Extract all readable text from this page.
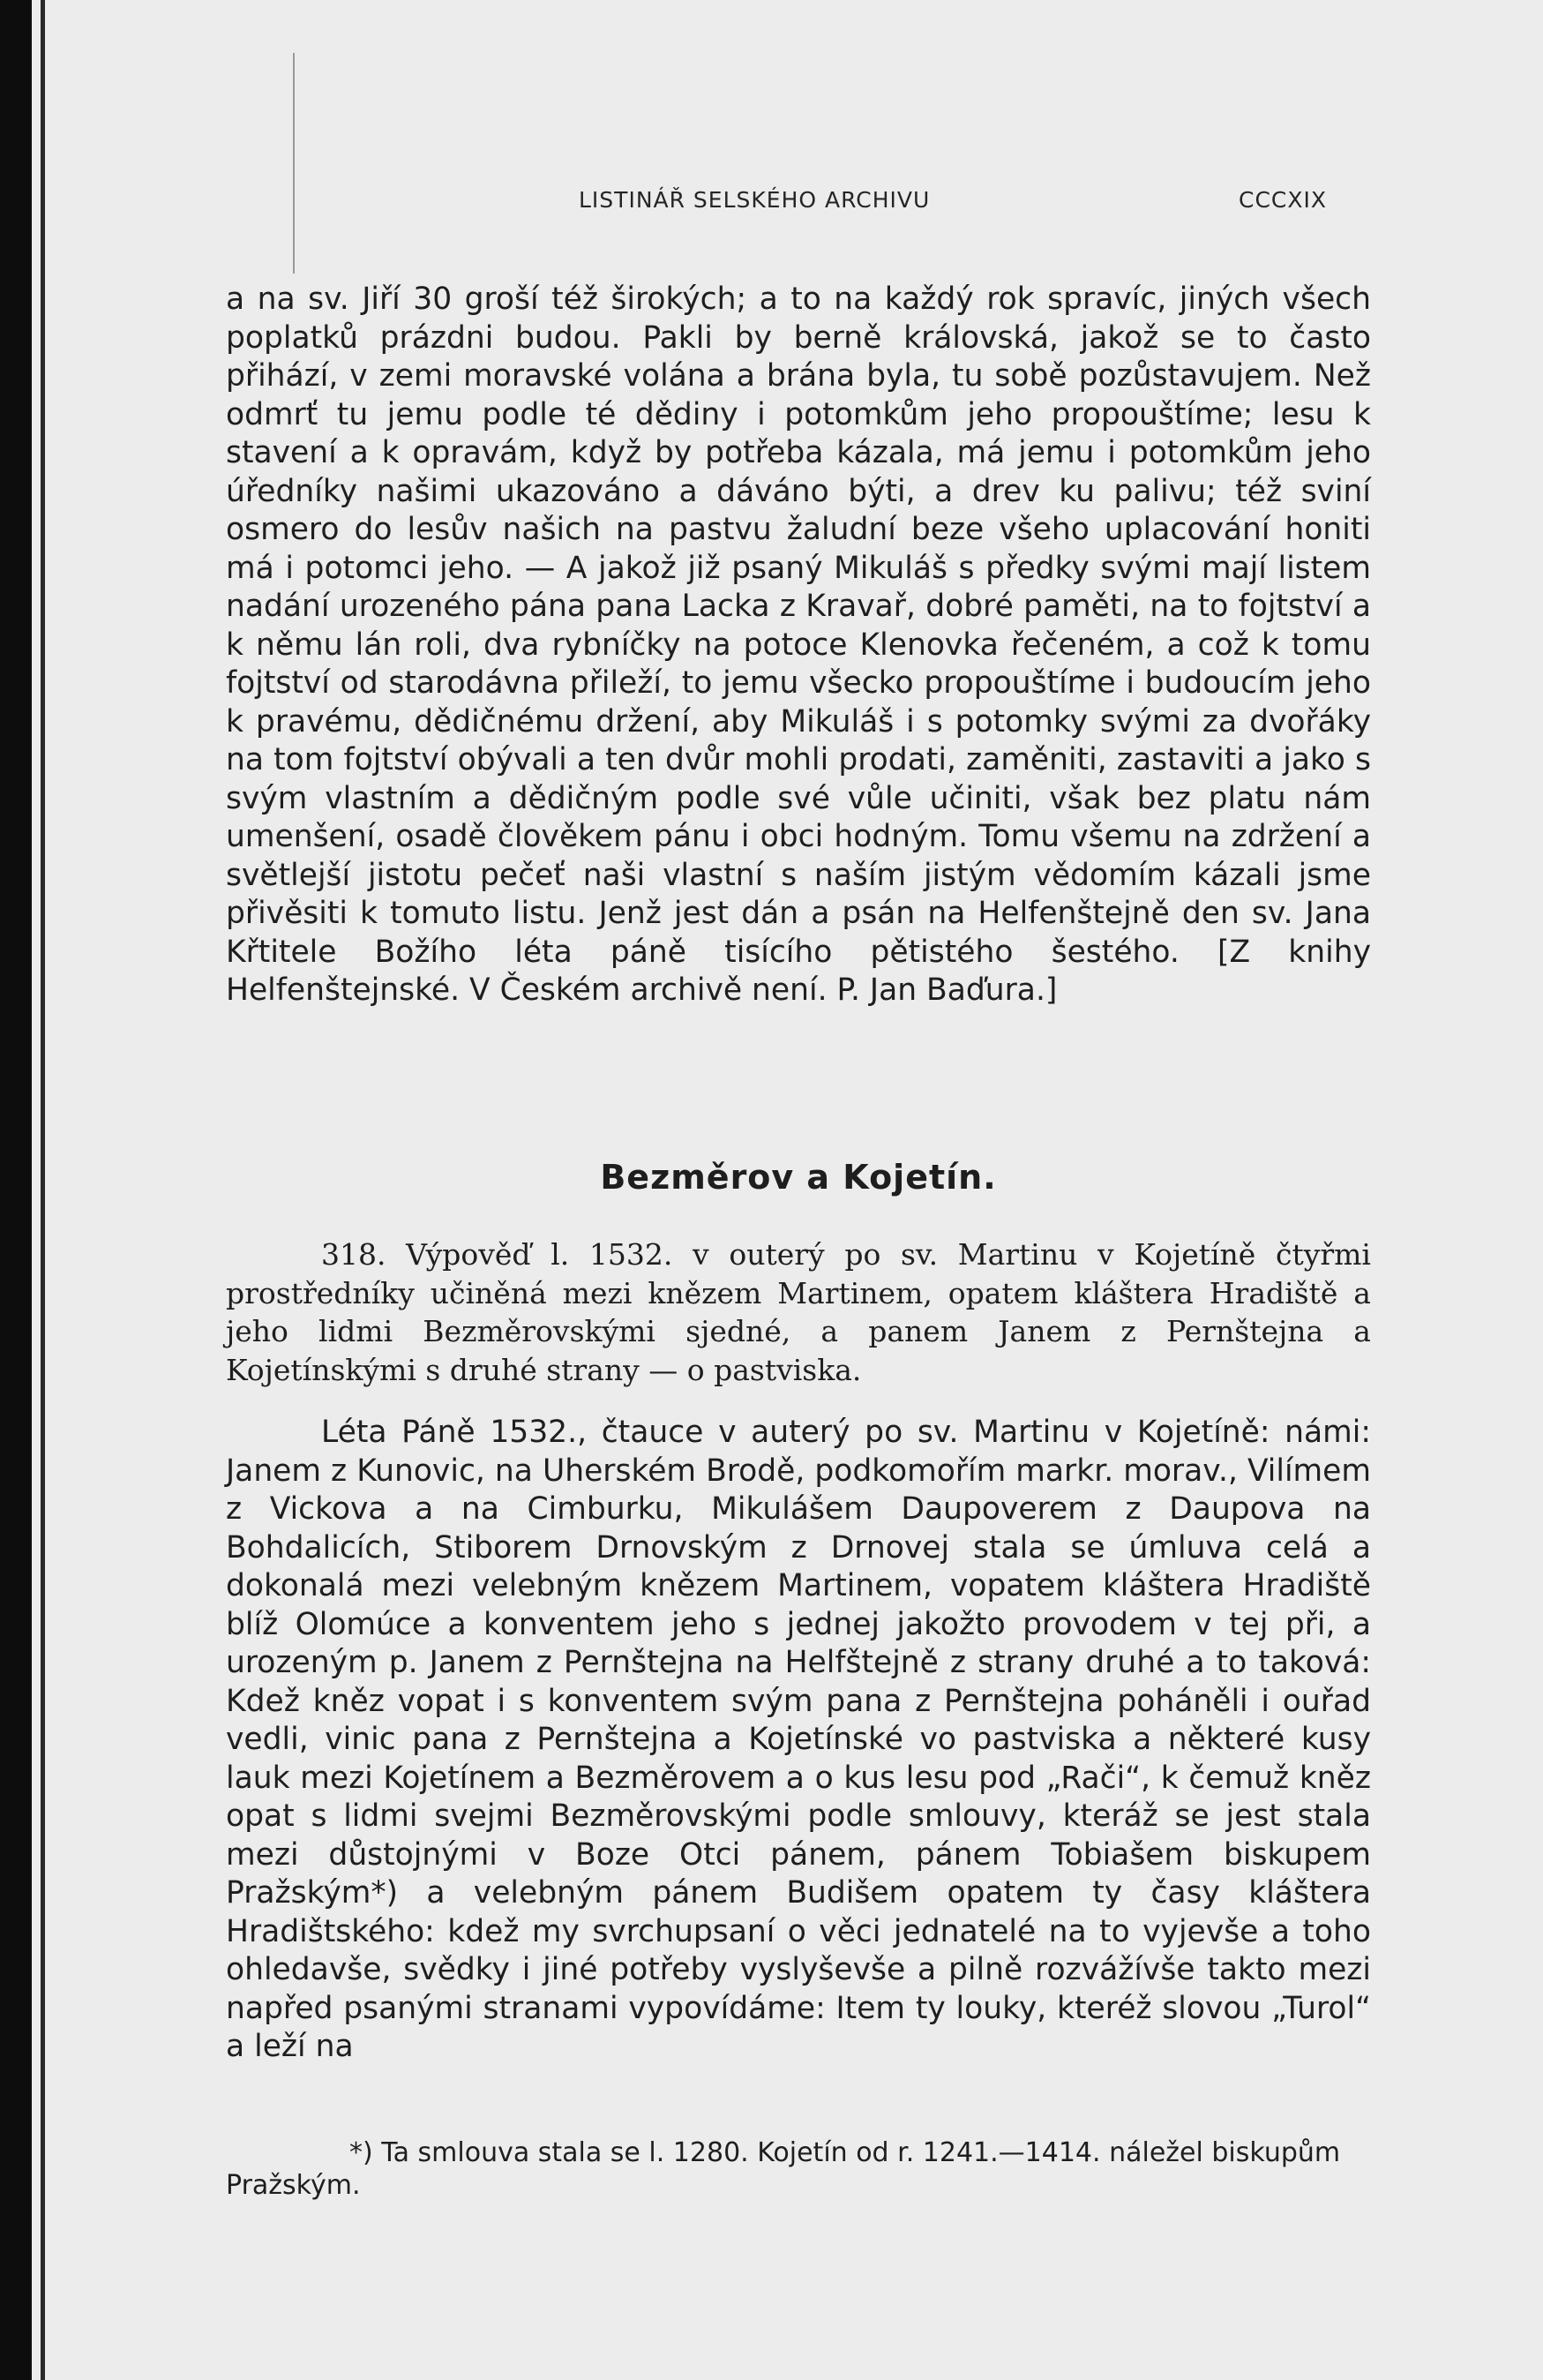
LISTINÁŘ SELSKÉHO ARCHIVU	CCCXIX

a na sv. Jiří 30 groší též širokých; a to na každý rok spravíc, jiných všech poplatků prázdni budou. Pakli by berně královská, jakož se to často přihází, v zemi moravské volána a brána byla, tu sobě pozůstavujem. Než odmrť tu jemu podle té dědiny i potomkům jeho propouštíme; lesu k stavení a k opravám, když by potřeba kázala, má jemu i potomkům jeho úředníky našimi ukazováno a dáváno býti, a drev ku palivu; též sviní osmero do lesův našich na pastvu žaludní beze všeho uplacování honiti má i potomci jeho. — A jakož již psaný Mikuláš s předky svými mají listem nadání urozeného pána pana Lacka z Kravař, dobré paměti, na to fojtství a k němu lán roli, dva rybníčky na potoce Klenovka řečeném, a což k tomu fojtství od starodávna přileží, to jemu všecko propouštíme i budoucím jeho k pravému, dědičnému držení, aby Mikuláš i s potomky svými za dvořáky na tom fojtství obývali a ten dvůr mohli prodati, zaměniti, zastaviti a jako s svým vlastním a dědičným podle své vůle učiniti, však bez platu nám umenšení, osadě člověkem pánu i obci hodným. Tomu všemu na zdržení a světlejší jistotu pečeť naši vlastní s naším jistým vědomím kázali jsme přivěsiti k tomuto listu. Jenž jest dán a psán na Helfenštejně den sv. Jana Křtitele Božího léta páně tisícího pětistého šestého. [Z knihy Helfenštejnské. V Českém archivě není. P. Jan Baďura.]

Bezměrov a Kojetín.

318. Výpověď l. 1532. v outerý po sv. Martinu v Kojetíně čtyřmi prostředníky učiněná mezi knězem Martinem, opatem kláštera Hradiště a jeho lidmi Bezměrovskými sjedné, a panem Janem z Pernštejna a Kojetínskými s druhé strany — o pastviska.

Léta Páně 1532., čtauce v auterý po sv. Martinu v Kojetíně: námi: Janem z Kunovic, na Uherském Brodě, podkomořím markr. morav., Vilímem z Vickova a na Cimburku, Mikulášem Daupoverem z Daupova na Bohdalicích, Stiborem Drnovským z Drnovej stala se úmluva celá a dokonalá mezi velebným knězem Martinem, vopatem kláštera Hradiště blíž Olomúce a konventem jeho s jednej jakožto provodem v tej při, a urozeným p. Janem z Pernštejna na Helfštejně z strany druhé a to taková: Kdež kněz vopat i s konventem svým pana z Pernštejna poháněli i ouřad vedli, vinic pana z Pernštejna a Kojetínské vo pastviska a některé kusy lauk mezi Kojetínem a Bezměrovem a o kus lesu pod „Rači“, k čemuž kněz opat s lidmi svejmi Bezměrovskými podle smlouvy, kteráž se jest stala mezi důstojnými v Boze Otci pánem, pánem Tobiašem biskupem Pražským*) a velebným pánem Budišem opatem ty časy kláštera Hradištského: kdež my svrchupsaní o věci jednatelé na to vyjevše a toho ohledavše, svědky i jiné potřeby vyslyševše a pilně rozvážívše takto mezi napřed psanými stranami vypovídáme: Item ty louky, kteréž slovou „Turol“ a leží na

*) Ta smlouva stala se l. 1280. Kojetín od r. 1241.—1414. náležel biskupům Pražským.
